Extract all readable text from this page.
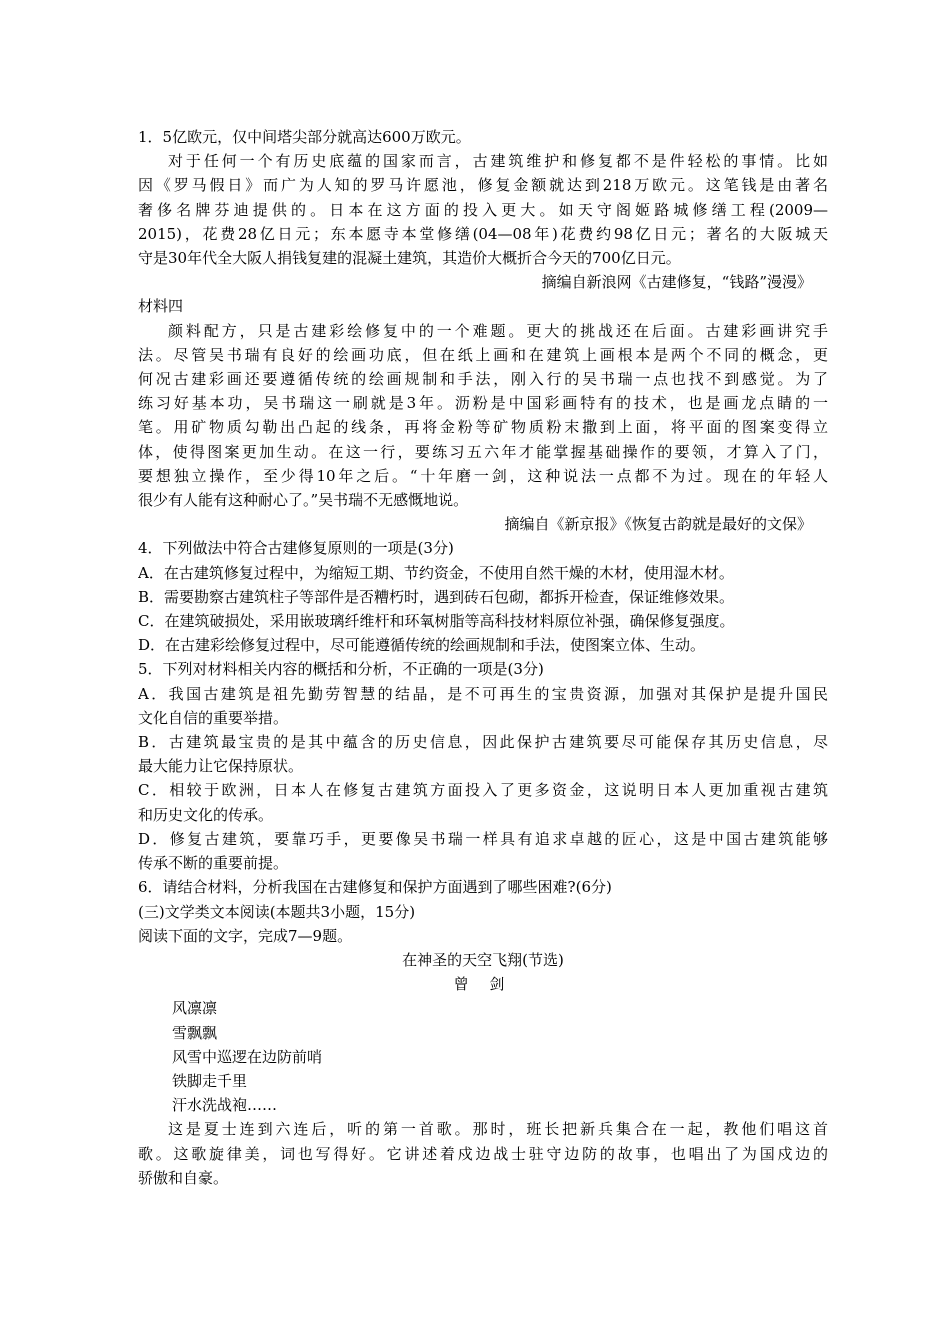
1．5亿欧元，仅中间塔尖部分就高达600万欧元。
对于任何一个有历史底蕴的国家而言，古建筑维护和修复都不是件轻松的事情。比如
因《罗马假日》而广为人知的罗马许愿池，修复金额就达到218万欧元。这笔钱是由著名
奢侈名牌芬迪提供的。日本在这方面的投入更大。如天守阁姬路城修缮工程(2009—
2015)，花费28亿日元；东本愿寺本堂修缮(04—08年)花费约98亿日元；著名的大阪城天
守是30年代全大阪人捐钱复建的混凝土建筑，其造价大概折合今天的700亿日元。
摘编自新浪网《古建修复，“钱路”漫漫》
材料四
颜料配方，只是古建彩绘修复中的一个难题。更大的挑战还在后面。古建彩画讲究手
法。尽管吴书瑞有良好的绘画功底，但在纸上画和在建筑上画根本是两个不同的概念，更
何况古建彩画还要遵循传统的绘画规制和手法，刚入行的吴书瑞一点也找不到感觉。为了
练习好基本功，吴书瑞这一刷就是3年。沥粉是中国彩画特有的技术，也是画龙点睛的一
笔。用矿物质勾勒出凸起的线条，再将金粉等矿物质粉末撒到上面，将平面的图案变得立
体，使得图案更加生动。在这一行，要练习五六年才能掌握基础操作的要领，才算入了门，
要想独立操作，至少得10年之后。“十年磨一剑，这种说法一点都不为过。现在的年轻人
很少有人能有这种耐心了。”吴书瑞不无感慨地说。
摘编自《新京报》《恢复古韵就是最好的文保》
4．下列做法中符合古建修复原则的一项是(3分)
A．在古建筑修复过程中，为缩短工期、节约资金，不使用自然干燥的木材，使用湿木材。
B．需要勘察古建筑柱子等部件是否糟朽时，遇到砖石包砌，都拆开检查，保证维修效果。
C．在建筑破损处，采用嵌玻璃纤维杆和环氧树脂等高科技材料原位补强，确保修复强度。
D．在古建彩绘修复过程中，尽可能遵循传统的绘画规制和手法，使图案立体、生动。
5．下列对材料相关内容的概括和分析，不正确的一项是(3分)
A．我国古建筑是祖先勤劳智慧的结晶，是不可再生的宝贵资源，加强对其保护是提升国民
文化自信的重要举措。
B．古建筑最宝贵的是其中蕴含的历史信息，因此保护古建筑要尽可能保存其历史信息，尽
最大能力让它保持原状。
C．相较于欧洲，日本人在修复古建筑方面投入了更多资金，这说明日本人更加重视古建筑
和历史文化的传承。
D．修复古建筑，要靠巧手，更要像吴书瑞一样具有追求卓越的匠心，这是中国古建筑能够
传承不断的重要前提。
6．请结合材料，分析我国在古建修复和保护方面遇到了哪些困难?(6分)
(三)文学类文本阅读(本题共3小题，15分)
阅读下面的文字，完成7—9题。
在神圣的天空飞翔(节选)
曾 剑
风凛凛
雪飘飘
风雪中巡逻在边防前哨
铁脚走千里
汗水洗战袍……
这是夏士连到六连后，听的第一首歌。那时，班长把新兵集合在一起，教他们唱这首
歌。这歌旋律美，词也写得好。它讲述着戍边战士驻守边防的故事，也唱出了为国戍边的
骄傲和自豪。
